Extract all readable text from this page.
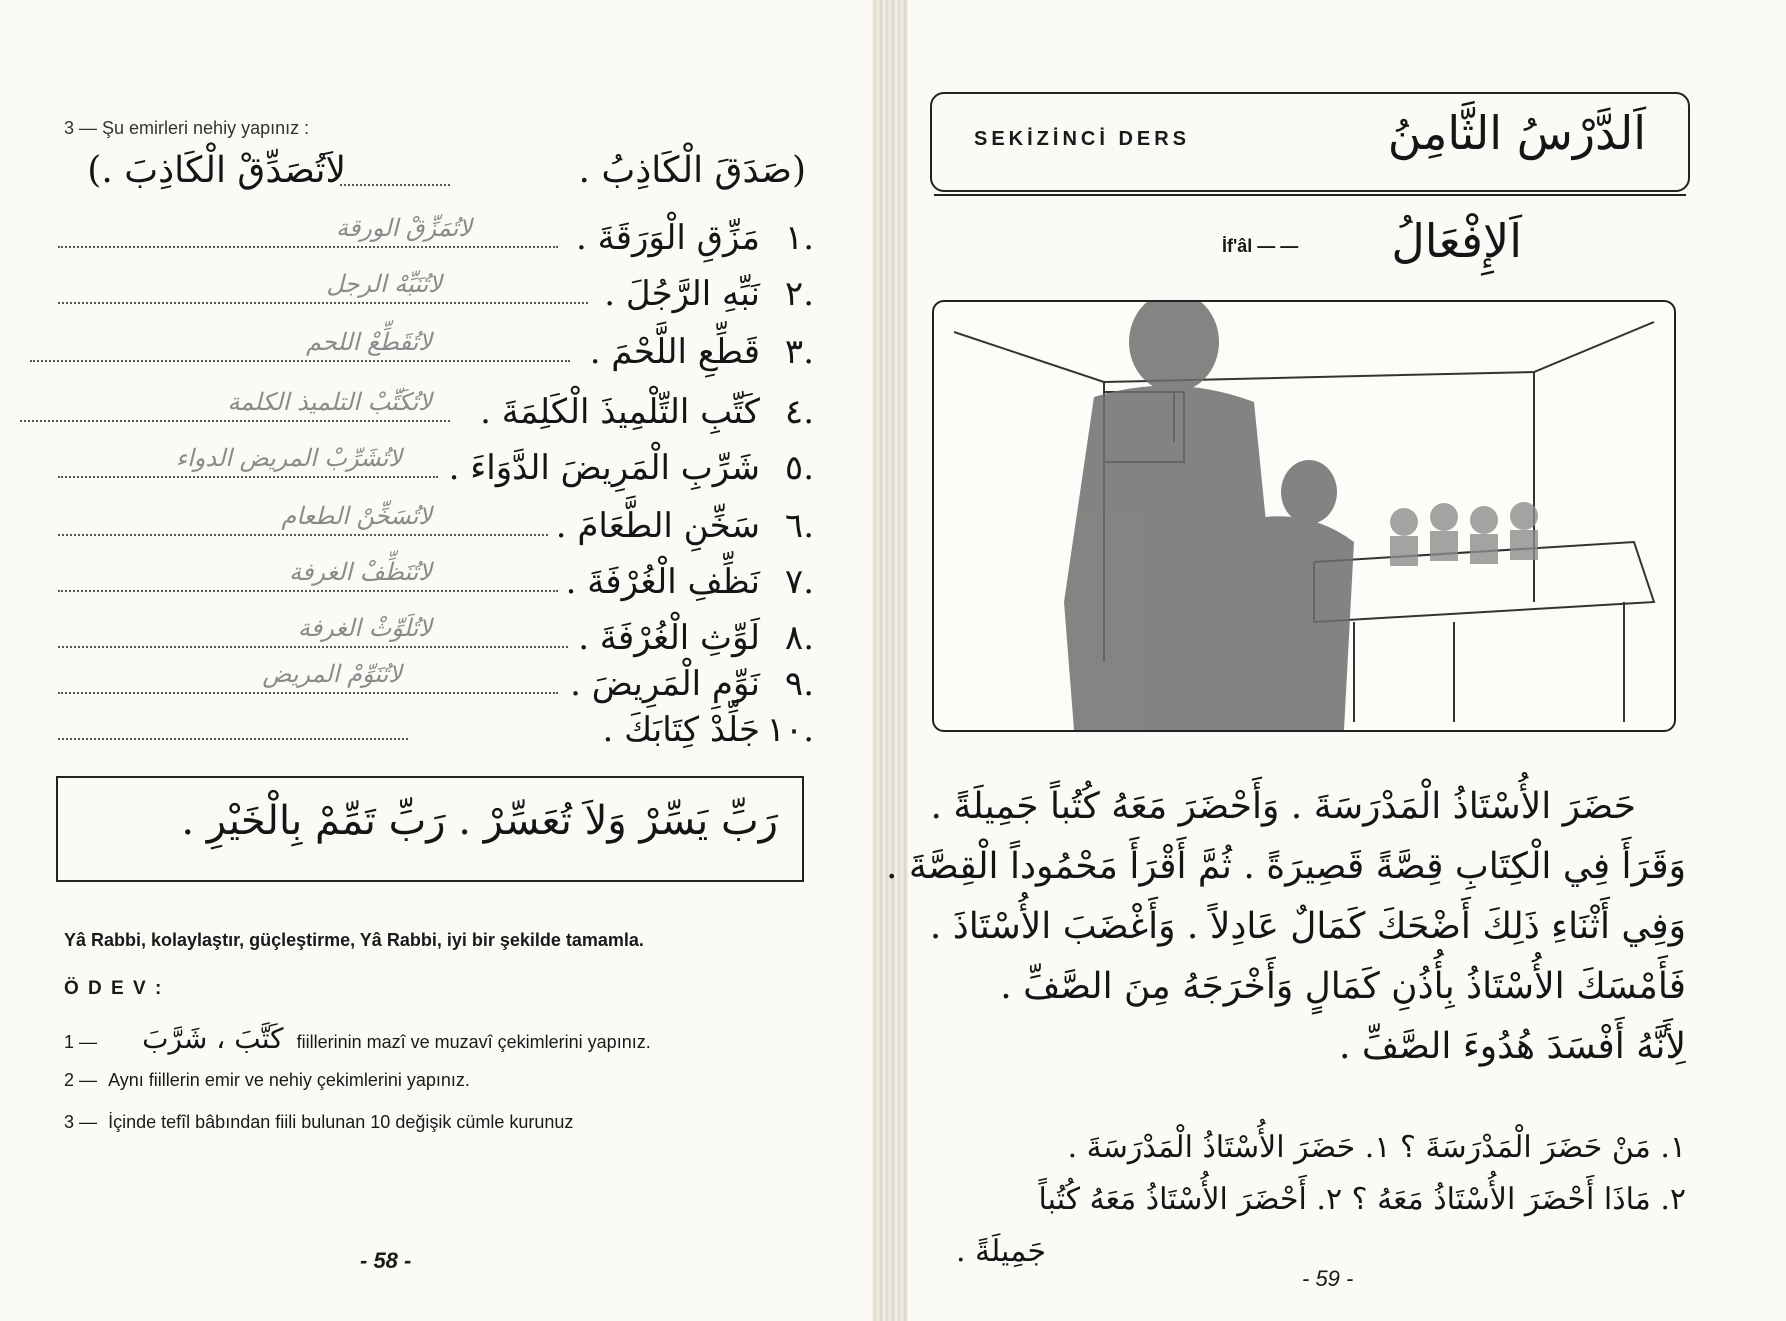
3 — Şu emirleri nehiy yapınız :
(صَدَقَ الْكَاذِبُ .
لاَتُصَدِّقْ الْكَاذِبَ .)
١.
مَزِّقِ الْوَرَقَةَ .
لاتُمَزِّقْ الورقة
٢.
نَبِّهِ الرَّجُلَ .
لاتُنَبِّهْ الرجل
٣.
قَطِّعِ اللَّحْمَ .
لاتُقَطِّعْ اللحم
٤.
كَتِّبِ التِّلْمِيذَ الْكَلِمَةَ .
لاتُكَتِّبْ التلميذ الكلمة
٥.
شَرِّبِ الْمَرِيضَ الدَّوَاءَ .
لاتُشَرِّبْ المريض الدواء
٦.
سَخِّنِ الطَّعَامَ .
لاتُسَخِّنْ الطعام
٧.
نَظِّفِ الْغُرْفَةَ .
لاتُنَظِّفْ الغرفة
٨.
لَوِّثِ الْغُرْفَةَ .
لاتُلَوِّثْ الغرفة
٩.
نَوِّمِ الْمَرِيضَ .
لاتُنَوِّمْ المريض
١٠.
جَلِّدْ كِتَابَكَ .
رَبِّ يَسِّرْ وَلاَ تُعَسِّرْ . رَبِّ تَمِّمْ بِالْخَيْرِ .
Yâ Rabbi, kolaylaştır, güçleştirme, Yâ Rabbi, iyi bir şekilde tamamla.
Ö D E V :
1 — كَتَّبَ ، شَرَّبَ fiillerinin mazî ve muzavî çekimlerini yapınız.
2 — Aynı fiillerin emir ve nehiy çekimlerini yapınız.
3 — İçinde tefîl bâbından fiili bulunan 10 değişik cümle kurunuz
- 58 -
SEKİZİNCİ DERS	اَلدَّرْسُ الثَّامِنُ
İf'âl — — اَلإِفْعَالُ
حَضَرَ الأُسْتَاذُ الْمَدْرَسَةَ . وَأَحْضَرَ مَعَهُ كُتُباً جَمِيلَةً .
وَقَرَأَ فِي الْكِتَابِ قِصَّةً قَصِيرَةً . ثُمَّ أَقْرَأَ مَحْمُوداً الْقِصَّةَ .
وَفِي أَثْنَاءِ ذَلِكَ أَضْحَكَ كَمَالٌ عَادِلاً . وَأَغْضَبَ الأُسْتَاذَ .
فَأَمْسَكَ الأُسْتَاذُ بِأُذُنِ كَمَالٍ وَأَخْرَجَهُ مِنَ الصَّفِّ .
لِأَنَّهُ أَفْسَدَ هُدُوءَ الصَّفِّ .
١. مَنْ حَضَرَ الْمَدْرَسَةَ ؟ ١. حَضَرَ الأُسْتَاذُ الْمَدْرَسَةَ .
٢. مَاذَا أَحْضَرَ الأُسْتَاذُ مَعَهُ ؟ ٢. أَحْضَرَ الأُسْتَاذُ مَعَهُ كُتُباً
جَمِيلَةً .
- 59 -
